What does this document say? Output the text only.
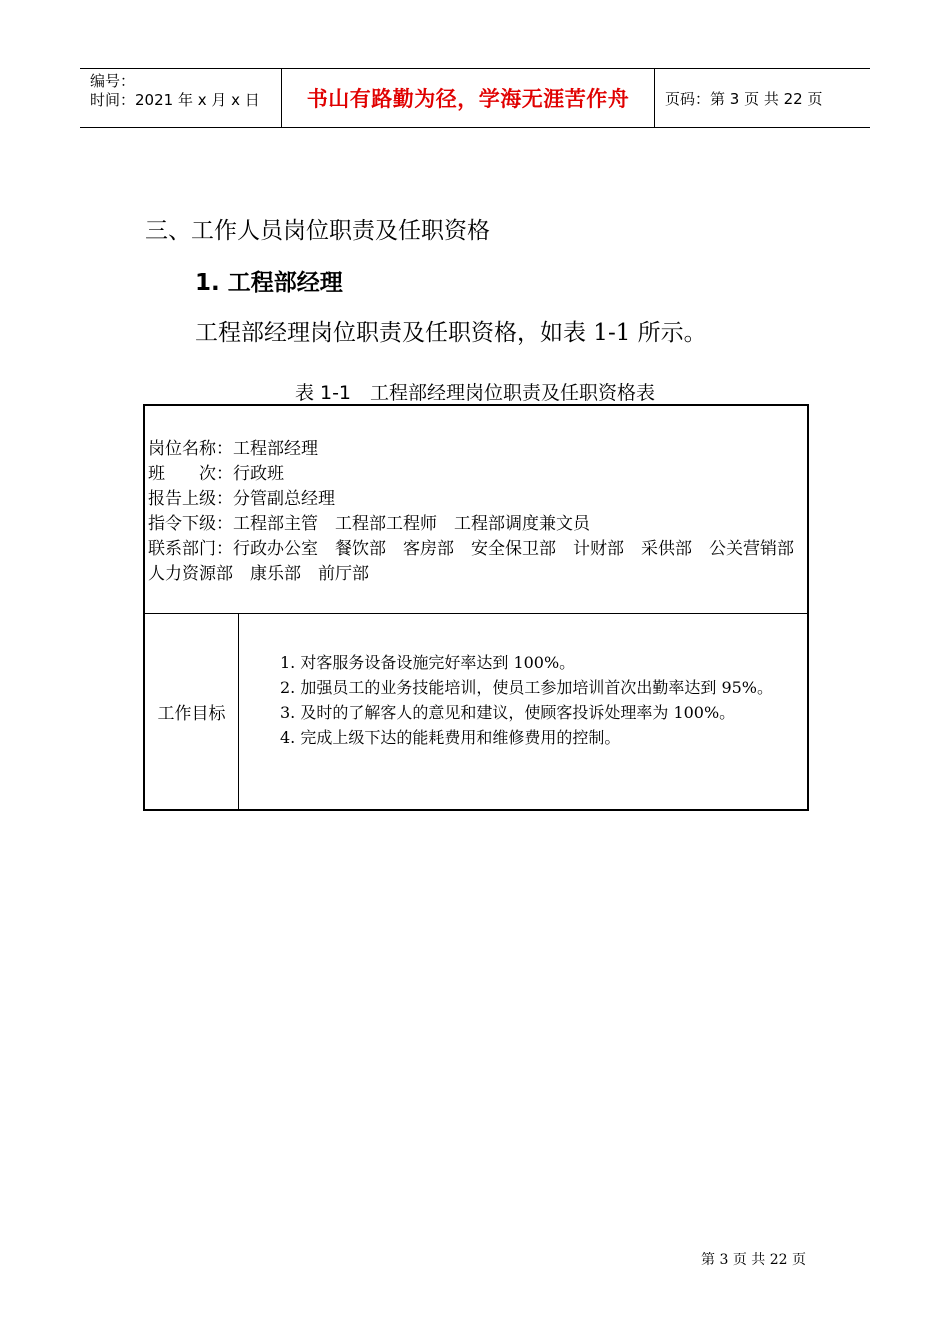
编号：
时间：2021 年 x 月 x 日	书山有路勤为径，学海无涯苦作舟	页码：第 3 页 共 22 页
三、工作人员岗位职责及任职资格
1. 工程部经理
工程部经理岗位职责及任职资格，如表 1-1 所示。
表 1-1　工程部经理岗位职责及任职资格表
岗位名称：工程部经理
班　　次：行政班
报告上级：分管副总经理
指令下级：工程部主管　工程部工程师　工程部调度兼文员
联系部门：行政办公室　餐饮部　客房部　安全保卫部　计财部　采供部　公关营销部　人力资源部　康乐部　前厅部
工作目标
1. 对客服务设备设施完好率达到 100%。
2. 加强员工的业务技能培训，使员工参加培训首次出勤率达到 95%。
3. 及时的了解客人的意见和建议，使顾客投诉处理率为 100%。
4. 完成上级下达的能耗费用和维修费用的控制。
第 3 页 共 22 页
